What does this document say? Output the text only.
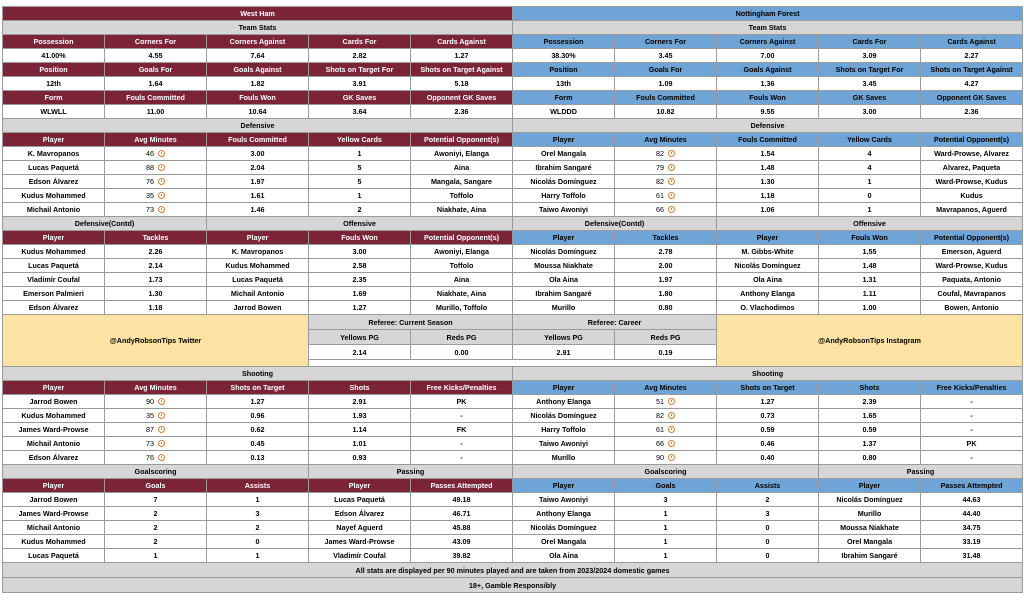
West Ham					Nottingham Forest				
Team Stats					Team Stats				
Possession	Corners For	Corners Against	Cards For	Cards Against	Possession	Corners For	Corners Against	Cards For	Cards Against
41.00%	4.55	7.64	2.82	1.27	38.30%	3.45	7.00	3.09	2.27
Position	Goals For	Goals Against	Shots on Target For	Shots on Target Against	Position	Goals For	Goals Against	Shots on Target For	Shots on Target Against
12th	1.64	1.82	3.91	5.18	13th	1.09	1.36	3.45	4.27
Form	Fouls Committed	Fouls Won	GK Saves	Opponent GK Saves	Form	Fouls Committed	Fouls Won	GK Saves	Opponent GK Saves
WLWLL	11.00	10.64	3.64	2.36	WLDDD	10.82	9.55	3.00	2.36
Defensive					Defensive				
Player	Avg Minutes	Fouls Committed	Yellow Cards	Potential Opponent(s)	Player	Avg Minutes	Fouls Committed	Yellow Cards	Potential Opponent(s)
K. Mavropanos	46	3.00	1	Awoniyi, Elanga	Orel Mangala	82	1.54	4	Ward-Prowse, Alvarez
Lucas Paquetá	88	2.04	5	Aina	Ibrahim Sangaré	79	1.48	4	Alvarez, Paqueta
Edson Álvarez	76	1.97	5	Mangala, Sangare	Nicolás Domínguez	82	1.30	1	Ward-Prowse, Kudus
Kudus Mohammed	35	1.61	1	Toffolo	Harry Toffolo	61	1.18	0	Kudus
Michail Antonio	73	1.46	2	Niakhate, Aina	Taiwo Awoniyi	66	1.06	1	Mavrapanos, Aguerd
Defensive(Contd)		Offensive			Defensive(Contd)		Offensive		
Player	Tackles	Player	Fouls Won	Potential Opponent(s)	Player	Tackles	Player	Fouls Won	Potential Opponent(s)
Kudus Mohammed	2.26	K. Mavropanos	3.00	Awoniyi, Elanga	Nicolás Domínguez	2.78	M. Gibbs-White	1.55	Emerson, Aguerd
Lucas Paquetá	2.14	Kudus Mohammed	2.58	Toffolo	Moussa Niakhate	2.00	Nicolás Domínguez	1.48	Ward-Prowse, Kudus
Vladimír Coufal	1.73	Lucas Paquetá	2.35	Aina	Ola Aina	1.97	Ola Aina	1.31	Paquata, Antonio
Emerson Palmieri	1.30	Michail Antonio	1.69	Niakhate, Aina	Ibrahim Sangaré	1.80	Anthony Elanga	1.11	Coufal, Mavrapanos
Edson Álvarez	1.18	Jarrod Bowen	1.27	Murillo, Toffolo	Murillo	0.80	O. Vlachodimos	1.00	Bowen, Antonio
@AndyRobsonTips Twitter			Referee: Current Season		Referee: Career		@AndyRobsonTips Instagram		
			Yellows PG	Reds PG	Yellows PG	Reds PG			
			2.14	0.00	2.91	0.19			

Shooting					Shooting				
Player	Avg Minutes	Shots on Target	Shots	Free Kicks/Penalties	Player	Avg Minutes	Shots on Target	Shots	Free Kicks/Penalties
Jarrod Bowen	90	1.27	2.91	PK	Anthony Elanga	51	1.27	2.39	-
Kudus Mohammed	35	0.96	1.93	-	Nicolás Domínguez	82	0.73	1.65	-
James Ward-Prowse	87	0.62	1.14	FK	Harry Toffolo	61	0.59	0.59	-
Michail Antonio	73	0.45	1.01	-	Taiwo Awoniyi	66	0.46	1.37	PK
Edson Álvarez	76	0.13	0.93	-	Murillo	90	0.40	0.80	-
Goalscoring			Passing		Goalscoring			Passing	
Player	Goals	Assists	Player	Passes Attempted	Player	Goals	Assists	Player	Passes Attempted
Jarrod Bowen	7	1	Lucas Paquetá	49.18	Taiwo Awoniyi	3	2	Nicolás Domínguez	44.63
James Ward-Prowse	2	3	Edson Álvarez	46.71	Anthony Elanga	1	3	Murillo	44.40
Michail Antonio	2	2	Nayef Aguerd	45.88	Nicolás Domínguez	1	0	Moussa Niakhate	34.75
Kudus Mohammed	2	0	James Ward-Prowse	43.09	Orel Mangala	1	0	Orel Mangala	33.19
Lucas Paquetá	1	1	Vladimír Coufal	39.82	Ola Aina	1	0	Ibrahim Sangaré	31.48
All stats are displayed per 90 minutes played and are taken from 2023/2024 domestic games									
18+, Gamble Responsibly									
